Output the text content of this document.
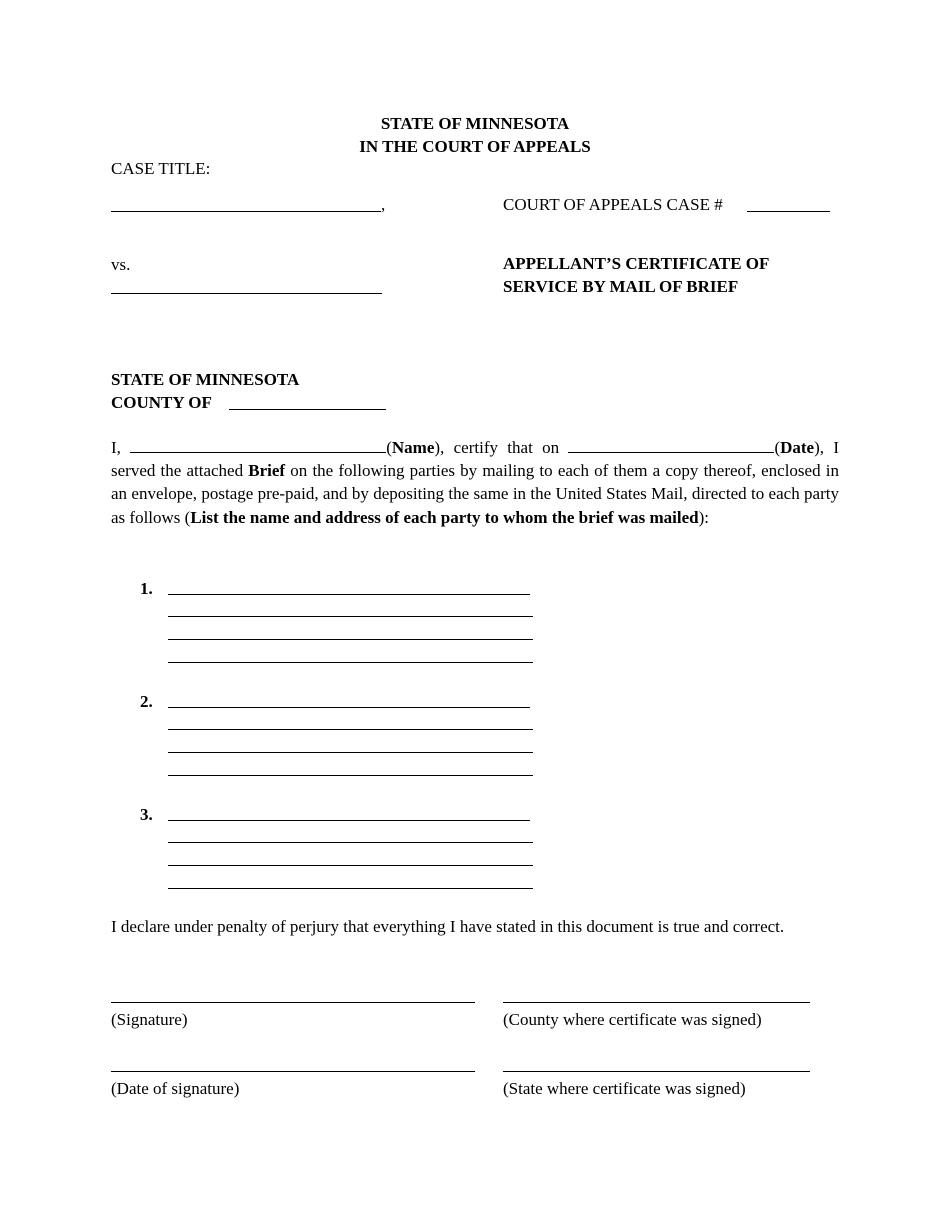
STATE OF MINNESOTA
IN THE COURT OF APPEALS
CASE TITLE:
,	COURT OF APPEALS CASE #
vs.	APPELLANT’S CERTIFICATE OF
SERVICE BY MAIL OF BRIEF
STATE OF MINNESOTA
COUNTY OF
I,	(Name), certify that on	(Date), I served the attached Brief on the following parties by mailing to each of them a copy thereof, enclosed in an envelope, postage pre-paid, and by depositing the same in the United States Mail, directed to each party as follows (List the name and address of each party to whom the brief was mailed):
1.
2.
3.
I declare under penalty of perjury that everything I have stated in this document is true and correct.
(Signature)	(County where certificate was signed)
(Date of signature)	(State where certificate was signed)
